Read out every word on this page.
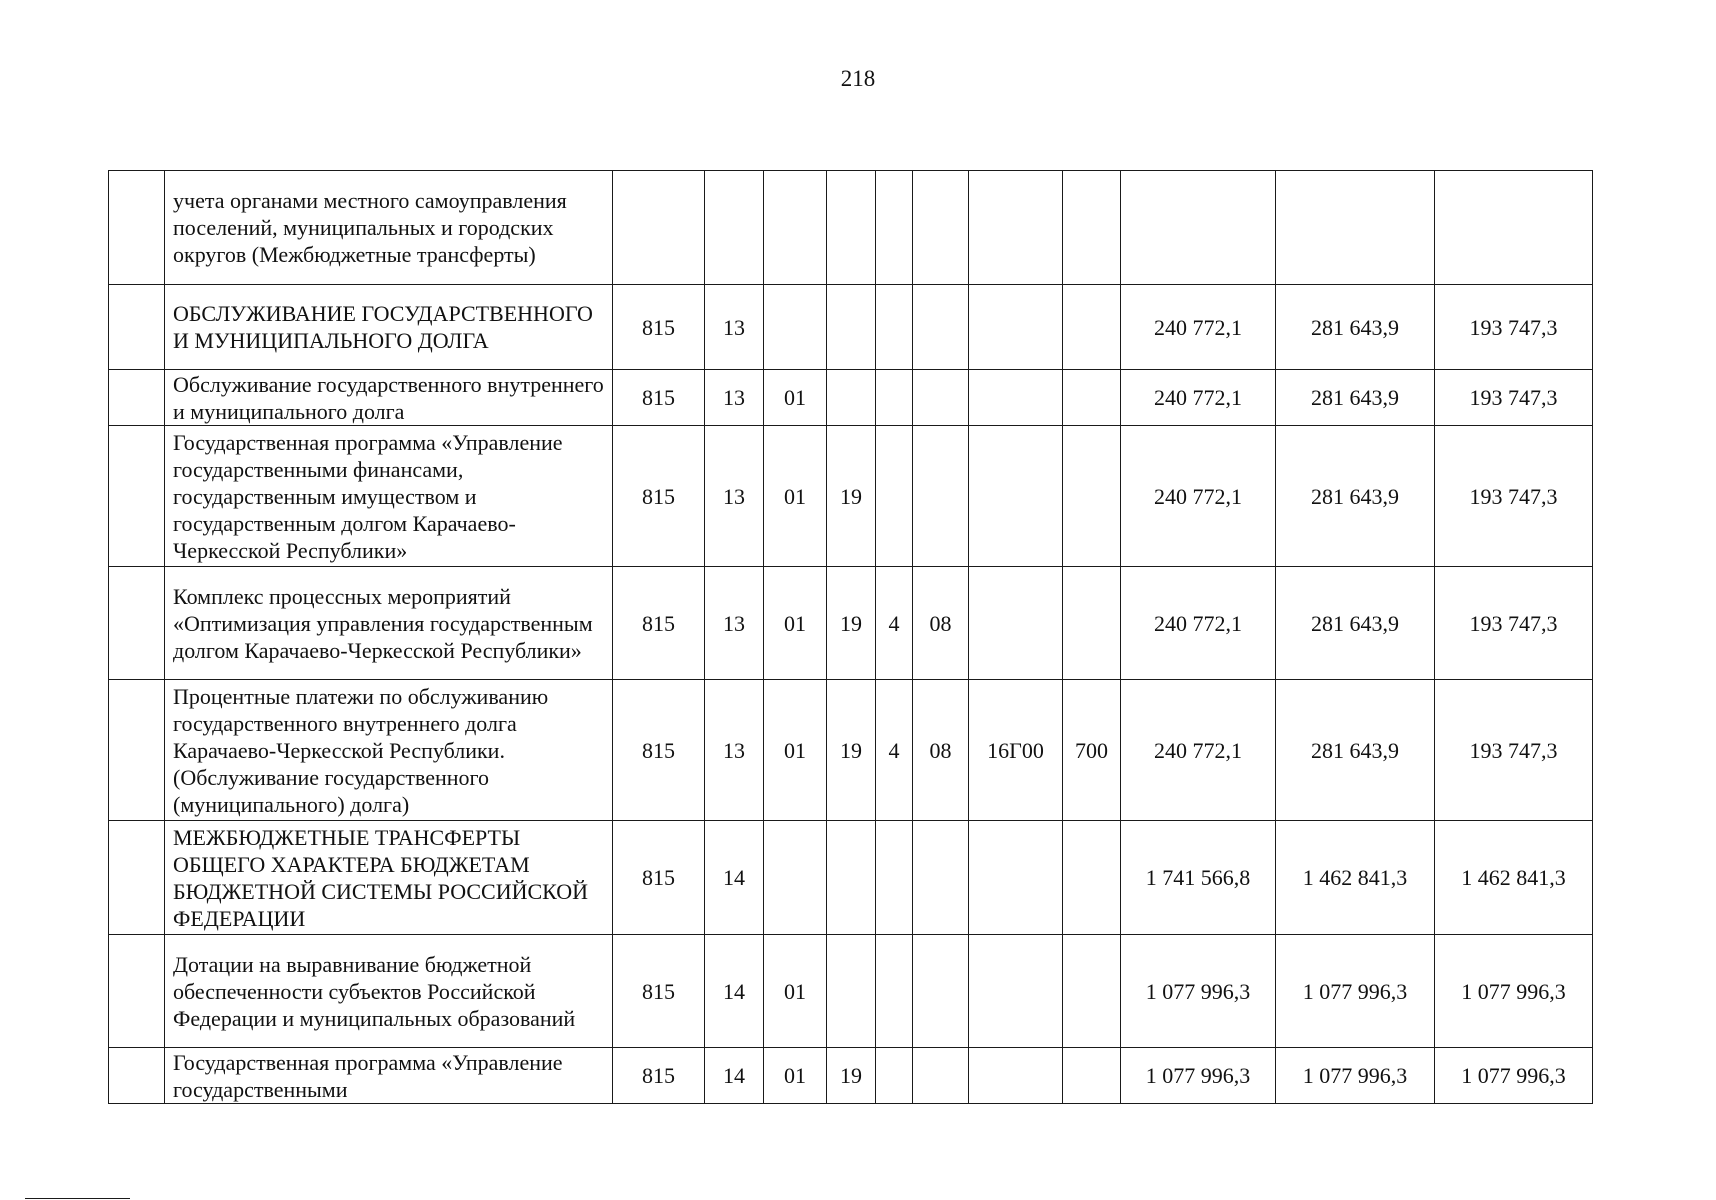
218
	учета органами местного самоуправления поселений, муниципальных и городских округов (Межбюджетные трансферты)											
	ОБСЛУЖИВАНИЕ ГОСУДАРСТВЕННОГО И МУНИЦИПАЛЬНОГО ДОЛГА	815	13							240 772,1	281 643,9	193 747,3
	Обслуживание государственного внутреннего и муниципального долга	815	13	01						240 772,1	281 643,9	193 747,3
	Государственная программа «Управление государственными финансами, государственным имуществом и государственным долгом Карачаево-Черкесской Республики»	815	13	01	19					240 772,1	281 643,9	193 747,3
	Комплекс процессных мероприятий «Оптимизация управления государственным долгом Карачаево-Черкесской Республики»	815	13	01	19	4	08			240 772,1	281 643,9	193 747,3
	Процентные платежи по обслуживанию государственного внутреннего долга Карачаево-Черкесской Республики. (Обслуживание государственного (муниципального) долга)	815	13	01	19	4	08	16Г00	700	240 772,1	281 643,9	193 747,3
	МЕЖБЮДЖЕТНЫЕ ТРАНСФЕРТЫ ОБЩЕГО ХАРАКТЕРА БЮДЖЕТАМ БЮДЖЕТНОЙ СИСТЕМЫ РОССИЙСКОЙ ФЕДЕРАЦИИ	815	14							1 741 566,8	1 462 841,3	1 462 841,3
	Дотации на выравнивание бюджетной обеспеченности субъектов Российской Федерации и муниципальных образований	815	14	01						1 077 996,3	1 077 996,3	1 077 996,3
	Государственная программа «Управление государственными	815	14	01	19					1 077 996,3	1 077 996,3	1 077 996,3
